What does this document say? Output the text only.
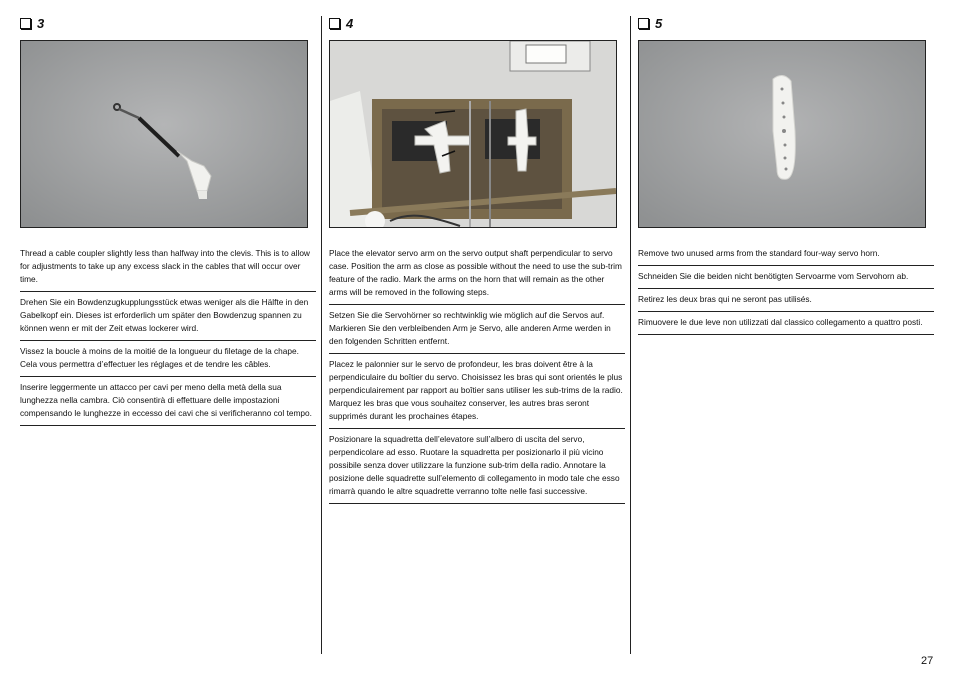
3
Thread a cable coupler slightly less than halfway into the clevis. This is to allow for adjustments to take up any excess slack in the cables that will occur over time.
Drehen Sie ein Bowdenzugkupplungsstück etwas weniger als die Hälfte in den Gabelkopf ein. Dieses ist erforderlich um später den Bowdenzug spannen zu können wenn er mit der Zeit etwas lockerer wird.
Vissez la boucle à moins de la moitié de la longueur du filetage de la chape. Cela vous permettra d’effectuer les réglages et de tendre les câbles.
Inserire leggermente un attacco per cavi per meno della metà della sua lunghezza nella cambra. Ciò consentirà di effettuare delle impostazioni compensando le lunghezze in eccesso dei cavi che si verificheranno col tempo.
4
Place the elevator servo arm on the servo output shaft perpendicular to servo case. Position the arm as close as possible without the need to use the sub-trim feature of the radio. Mark the arms on the horn that will remain as the other arms will be removed in the following steps.
Setzen Sie die Servohörner so rechtwinklig wie möglich auf die Servos auf. Markieren Sie den verbleibenden Arm je Servo, alle anderen Arme werden in den folgenden Schritten entfernt.
Placez le palonnier sur le servo de profondeur, les bras doivent être à la perpendiculaire du boîtier du servo. Choisissez les bras qui sont orientés le plus perpendiculairement par rapport au boîtier sans utiliser les sub-trims de la radio. Marquez les bras que vous souhaitez conserver, les autres bras seront supprimés durant les prochaines étapes.
Posizionare la squadretta dell’elevatore sull’albero di uscita del servo, perpendicolare ad esso. Ruotare la squadretta per posizionarlo il più vicino possibile senza dover utilizzare la funzione sub-trim della radio. Annotare la posizione delle squadrette sull’elemento di collegamento in modo tale che esso rimarrà quando le altre squadrette verranno tolte nelle fasi successive.
5
Remove two unused arms from the standard four-way servo horn.
Schneiden Sie die beiden nicht benötigten Servoarme vom Servohorn ab.
Retirez les deux bras qui ne seront pas utilisés.
Rimuovere le due leve non utilizzati dal classico collegamento a quattro posti.
27
